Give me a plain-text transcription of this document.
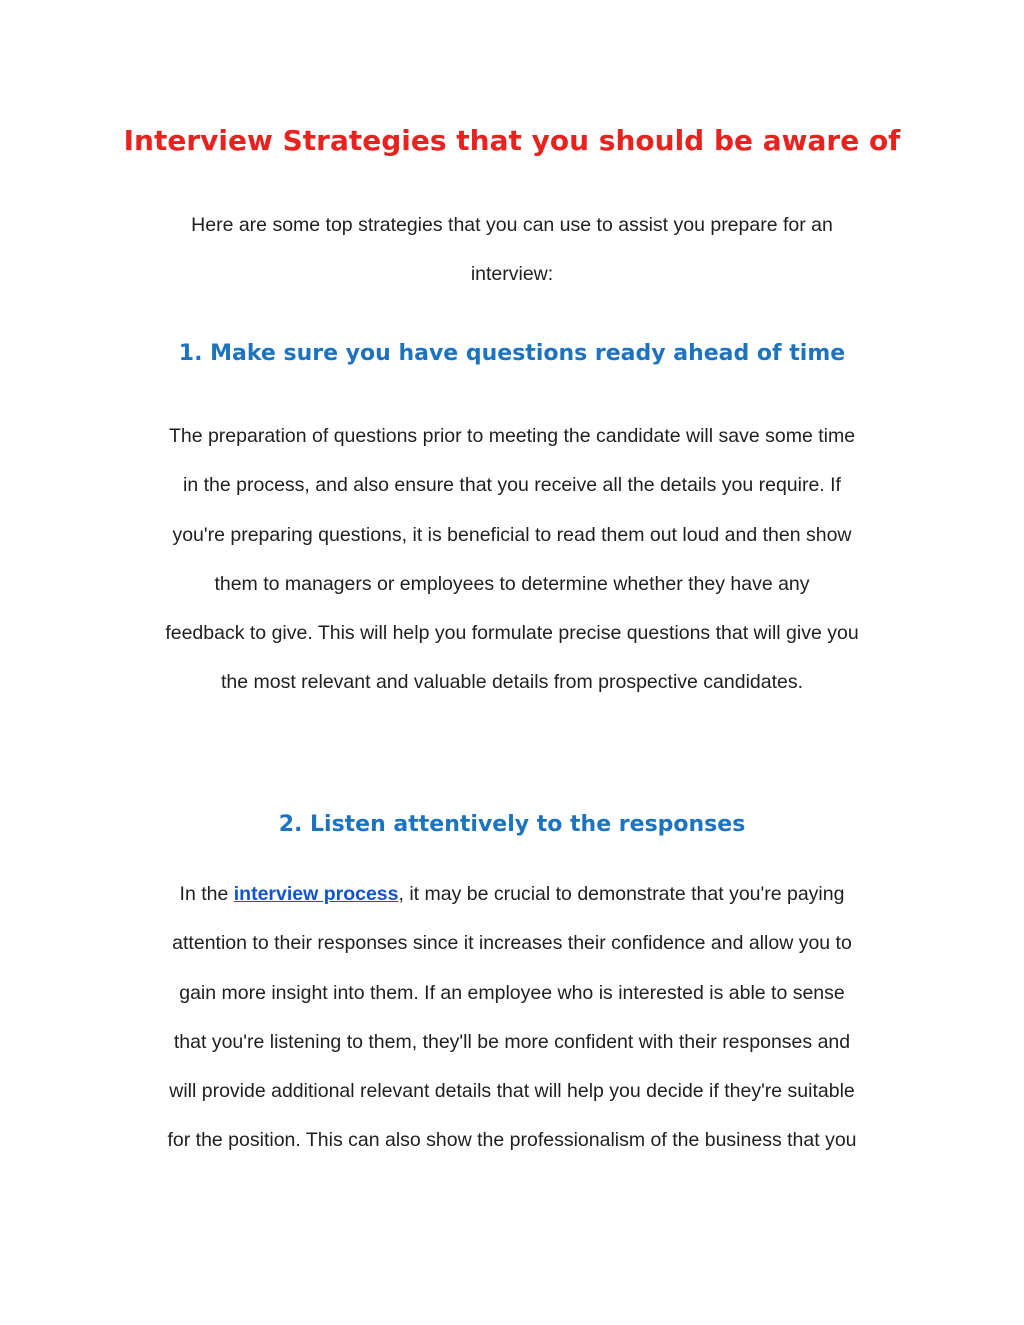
Interview Strategies that you should be aware of

Here are some top strategies that you can use to assist you prepare for an
interview:

1. Make sure you have questions ready ahead of time

The preparation of questions prior to meeting the candidate will save some time
in the process, and also ensure that you receive all the details you require. If
you're preparing questions, it is beneficial to read them out loud and then show
them to managers or employees to determine whether they have any
feedback to give. This will help you formulate precise questions that will give you
the most relevant and valuable details from prospective candidates.

2. Listen attentively to the responses

In the interview process, it may be crucial to demonstrate that you're paying
attention to their responses since it increases their confidence and allow you to
gain more insight into them. If an employee who is interested is able to sense
that you're listening to them, they'll be more confident with their responses and
will provide additional relevant details that will help you decide if they're suitable
for the position. This can also show the professionalism of the business that you
